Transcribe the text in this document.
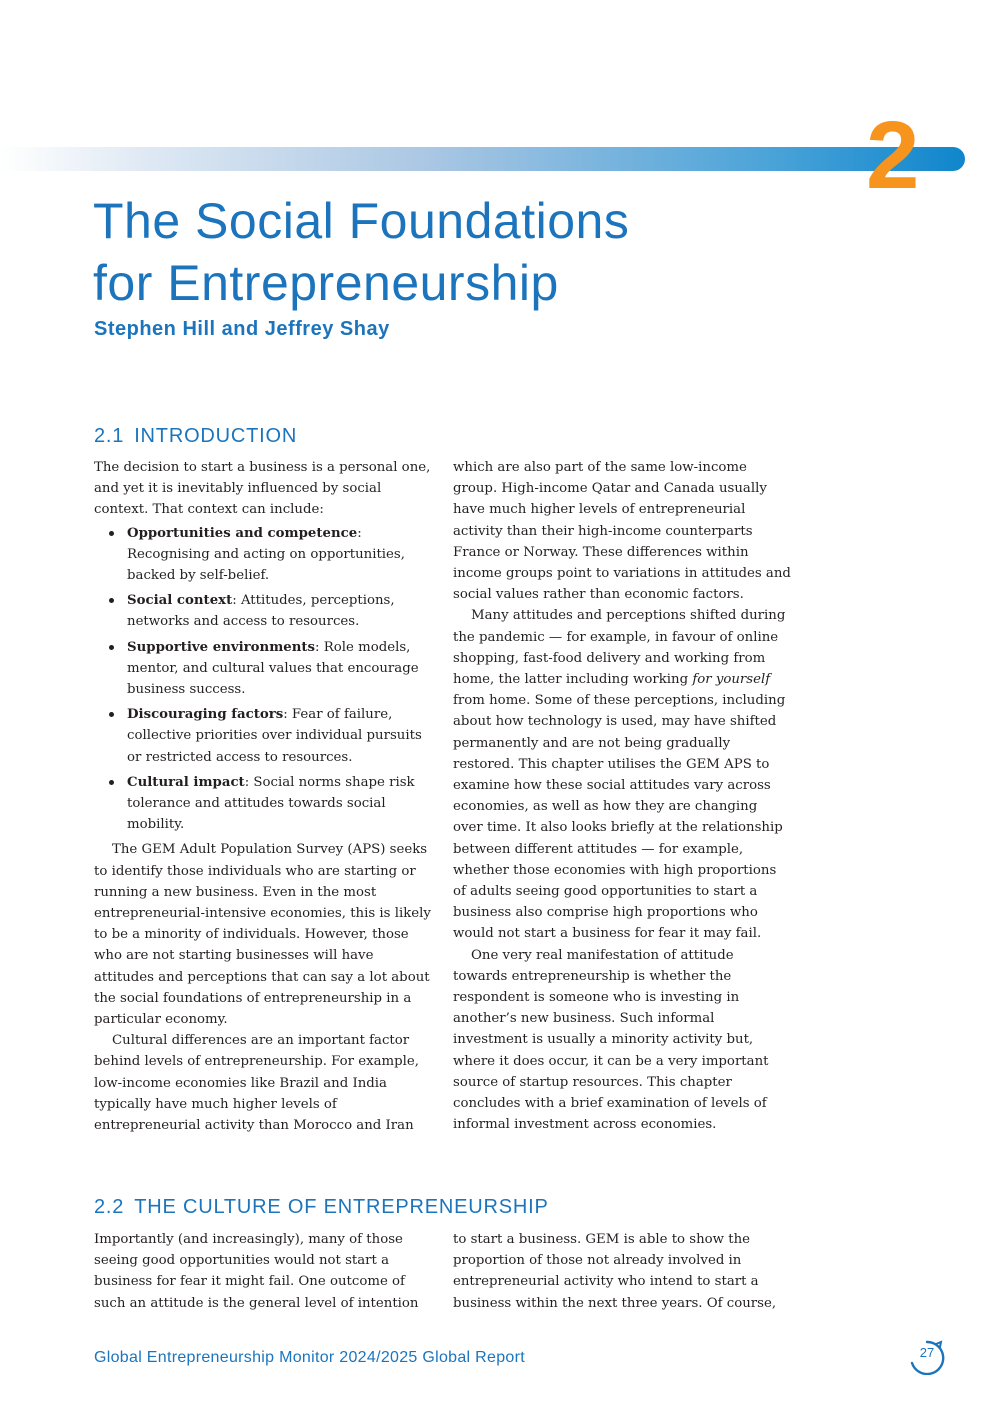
2
The Social Foundations
for Entrepreneurship
Stephen Hill and Jeffrey Shay
2.1 INTRODUCTION

The decision to start a business is a personal one, and yet it is inevitably influenced by social context. That context can include:

Opportunities and competence: Recognising and acting on opportunities, backed by self-belief.
Social context: Attitudes, perceptions, networks and access to resources.
Supportive environments: Role models, mentor, and cultural values that encourage business success.
Discouraging factors: Fear of failure, collective priorities over individual pursuits or restricted access to resources.
Cultural impact: Social norms shape risk tolerance and attitudes towards social mobility.

The GEM Adult Population Survey (APS) seeks to identify those individuals who are starting or running a new business. Even in the most entrepreneurial-intensive economies, this is likely to be a minority of individuals. However, those who are not starting businesses will have attitudes and perceptions that can say a lot about the social foundations of entrepreneurship in a particular economy.

Cultural differences are an important factor behind levels of entrepreneurship. For example, low-income economies like Brazil and India typically have much higher levels of entrepreneurial activity than Morocco and Iran

which are also part of the same low-income group. High-income Qatar and Canada usually have much higher levels of entrepreneurial activity than their high-income counterparts France or Norway. These differences within income groups point to variations in attitudes and social values rather than economic factors.

Many attitudes and perceptions shifted during the pandemic — for example, in favour of online shopping, fast-food delivery and working from home, the latter including working for yourself from home. Some of these perceptions, including about how technology is used, may have shifted permanently and are not being gradually restored. This chapter utilises the GEM APS to examine how these social attitudes vary across economies, as well as how they are changing over time. It also looks briefly at the relationship between different attitudes — for example, whether those economies with high proportions of adults seeing good opportunities to start a business also comprise high proportions who would not start a business for fear it may fail.

One very real manifestation of attitude towards entrepreneurship is whether the respondent is someone who is investing in another’s new business. Such informal investment is usually a minority activity but, where it does occur, it can be a very important source of startup resources. This chapter concludes with a brief examination of levels of informal investment across economies.

2.2 THE CULTURE OF ENTREPRENEURSHIP

Importantly (and increasingly), many of those seeing good opportunities would not start a business for fear it might fail. One outcome of such an attitude is the general level of intention

to start a business. GEM is able to show the proportion of those not already involved in entrepreneurial activity who intend to start a business within the next three years. Of course,

Global Entrepreneurship Monitor 2024/2025 Global Report	27
